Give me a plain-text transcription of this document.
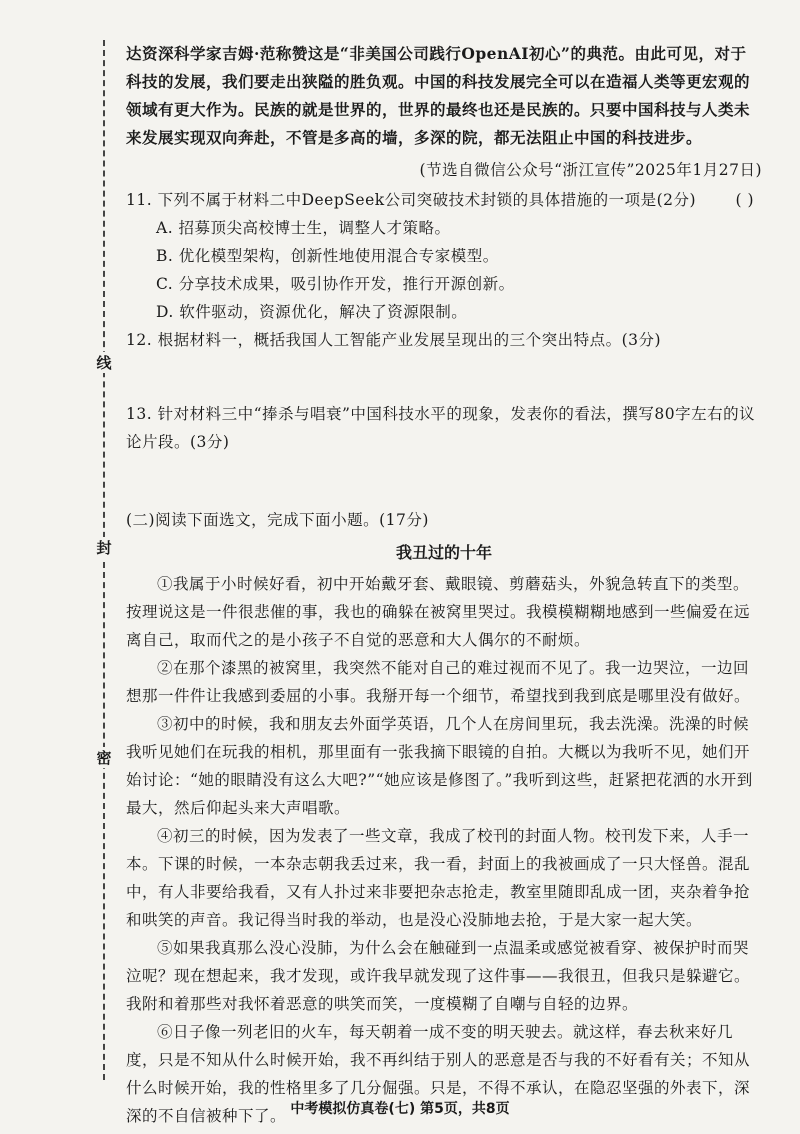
线
封
密

达资深科学家吉姆·范称赞这是“非美国公司践行OpenAI初心”的典范。由此可见，对于科技的发展，我们要走出狭隘的胜负观。中国的科技发展完全可以在造福人类等更宏观的领域有更大作为。民族的就是世界的，世界的最终也还是民族的。只要中国科技与人类未来发展实现双向奔赴，不管是多高的墙，多深的院，都无法阻止中国的科技进步。

(节选自微信公众号“浙江宣传”2025年1月27日)

11. 下列不属于材料二中DeepSeek公司突破技术封锁的具体措施的一项是(2分)	( )

A. 招募顶尖高校博士生，调整人才策略。

B. 优化模型架构，创新性地使用混合专家模型。

C. 分享技术成果，吸引协作开发，推行开源创新。

D. 软件驱动，资源优化，解决了资源限制。

12. 根据材料一，概括我国人工智能产业发展呈现出的三个突出特点。(3分)

13. 针对材料三中“捧杀与唱衰”中国科技水平的现象，发表你的看法，撰写80字左右的议论片段。(3分)

(二)阅读下面选文，完成下面小题。(17分)

我丑过的十年

①我属于小时候好看，初中开始戴牙套、戴眼镜、剪蘑菇头，外貌急转直下的类型。按理说这是一件很悲催的事，我也的确躲在被窝里哭过。我模模糊糊地感到一些偏爱在远离自己，取而代之的是小孩子不自觉的恶意和大人偶尔的不耐烦。

②在那个漆黑的被窝里，我突然不能对自己的难过视而不见了。我一边哭泣，一边回想那一件件让我感到委屈的小事。我掰开每一个细节，希望找到我到底是哪里没有做好。

③初中的时候，我和朋友去外面学英语，几个人在房间里玩，我去洗澡。洗澡的时候我听见她们在玩我的相机，那里面有一张我摘下眼镜的自拍。大概以为我听不见，她们开始讨论：“她的眼睛没有这么大吧?”“她应该是修图了。”我听到这些，赶紧把花洒的水开到最大，然后仰起头来大声唱歌。

④初三的时候，因为发表了一些文章，我成了校刊的封面人物。校刊发下来，人手一本。下课的时候，一本杂志朝我丢过来，我一看，封面上的我被画成了一只大怪兽。混乱中，有人非要给我看，又有人扑过来非要把杂志抢走，教室里随即乱成一团，夹杂着争抢和哄笑的声音。我记得当时我的举动，也是没心没肺地去抢，于是大家一起大笑。

⑤如果我真那么没心没肺，为什么会在触碰到一点温柔或感觉被看穿、被保护时而哭泣呢？现在想起来，我才发现，或许我早就发现了这件事——我很丑，但我只是躲避它。我附和着那些对我怀着恶意的哄笑而笑，一度模糊了自嘲与自轻的边界。

⑥日子像一列老旧的火车，每天朝着一成不变的明天驶去。就这样，春去秋来好几度，只是不知从什么时候开始，我不再纠结于别人的恶意是否与我的不好看有关；不知从什么时候开始，我的性格里多了几分倔强。只是，不得不承认，在隐忍坚强的外表下，深深的不自信被种下了。 中考模拟仿真卷(七) 第5页，共8页
